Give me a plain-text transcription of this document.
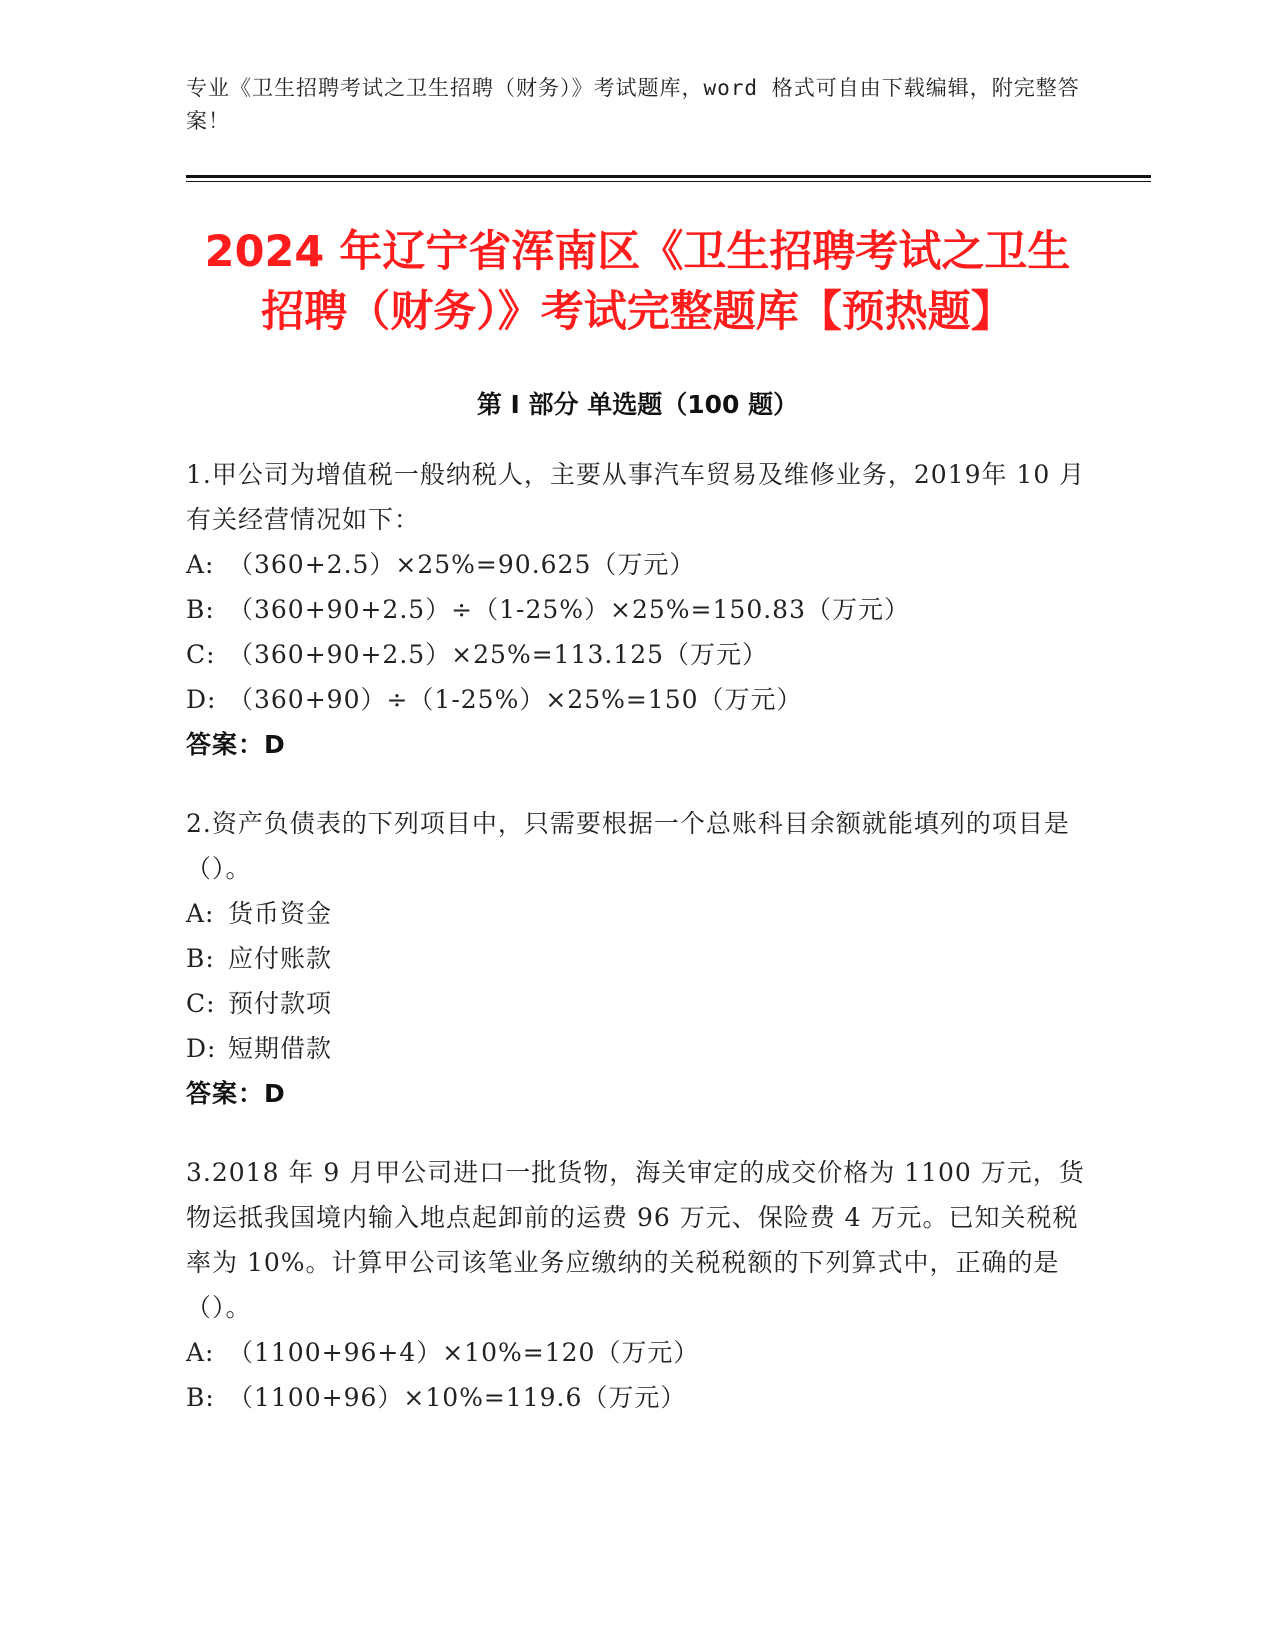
专业《卫生招聘考试之卫生招聘（财务）》考试题库，word 格式可自由下载编辑，附完整答案！
2024 年辽宁省浑南区《卫生招聘考试之卫生
招聘（财务）》考试完整题库【预热题】
第 I 部分 单选题（100 题）

1.甲公司为增值税一般纳税人，主要从事汽车贸易及维修业务，2019年 10 月有关经营情况如下：

A: （360+2.5）×25%=90.625（万元）

B: （360+90+2.5）÷（1-25%）×25%=150.83（万元）

C: （360+90+2.5）×25%=113.125（万元）

D: （360+90）÷（1-25%）×25%=150（万元）

答案：D

2.资产负债表的下列项目中，只需要根据一个总账科目余额就能填列的项目是（）。

A: 货币资金

B: 应付账款

C: 预付款项

D: 短期借款

答案：D

3.2018 年 9 月甲公司进口一批货物，海关审定的成交价格为 1100 万元，货物运抵我国境内输入地点起卸前的运费 96 万元、保险费 4 万元。已知关税税率为 10%。计算甲公司该笔业务应缴纳的关税税额的下列算式中，正确的是（）。

A: （1100+96+4）×10%=120（万元）

B: （1100+96）×10%=119.6（万元）
